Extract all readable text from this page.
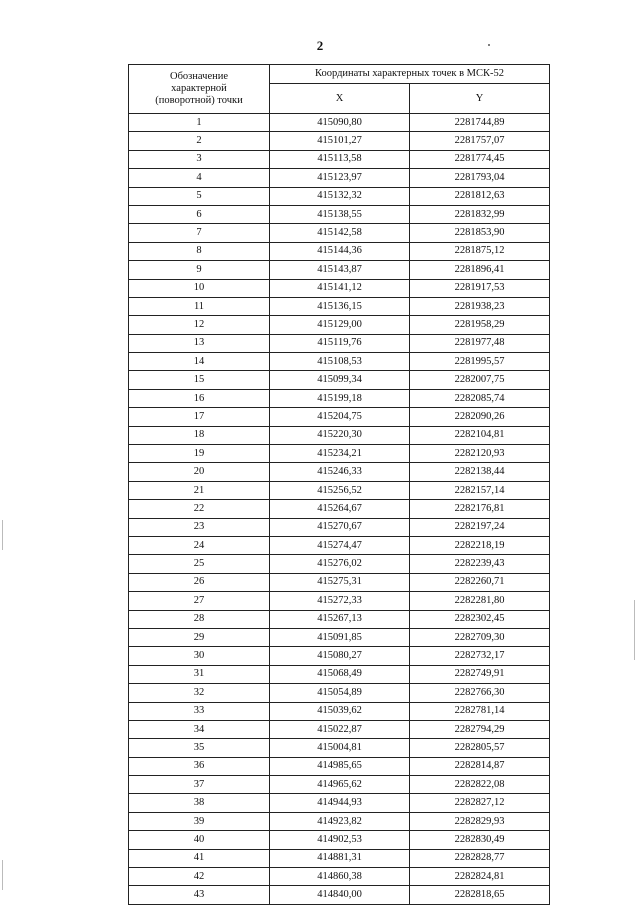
2
Обозначение
характерной
(поворотной) точки	Координаты характерных точек в МСК-52	
	X	Y
1	415090,80	2281744,89
2	415101,27	2281757,07
3	415113,58	2281774,45
4	415123,97	2281793,04
5	415132,32	2281812,63
6	415138,55	2281832,99
7	415142,58	2281853,90
8	415144,36	2281875,12
9	415143,87	2281896,41
10	415141,12	2281917,53
11	415136,15	2281938,23
12	415129,00	2281958,29
13	415119,76	2281977,48
14	415108,53	2281995,57
15	415099,34	2282007,75
16	415199,18	2282085,74
17	415204,75	2282090,26
18	415220,30	2282104,81
19	415234,21	2282120,93
20	415246,33	2282138,44
21	415256,52	2282157,14
22	415264,67	2282176,81
23	415270,67	2282197,24
24	415274,47	2282218,19
25	415276,02	2282239,43
26	415275,31	2282260,71
27	415272,33	2282281,80
28	415267,13	2282302,45
29	415091,85	2282709,30
30	415080,27	2282732,17
31	415068,49	2282749,91
32	415054,89	2282766,30
33	415039,62	2282781,14
34	415022,87	2282794,29
35	415004,81	2282805,57
36	414985,65	2282814,87
37	414965,62	2282822,08
38	414944,93	2282827,12
39	414923,82	2282829,93
40	414902,53	2282830,49
41	414881,31	2282828,77
42	414860,38	2282824,81
43	414840,00	2282818,65
